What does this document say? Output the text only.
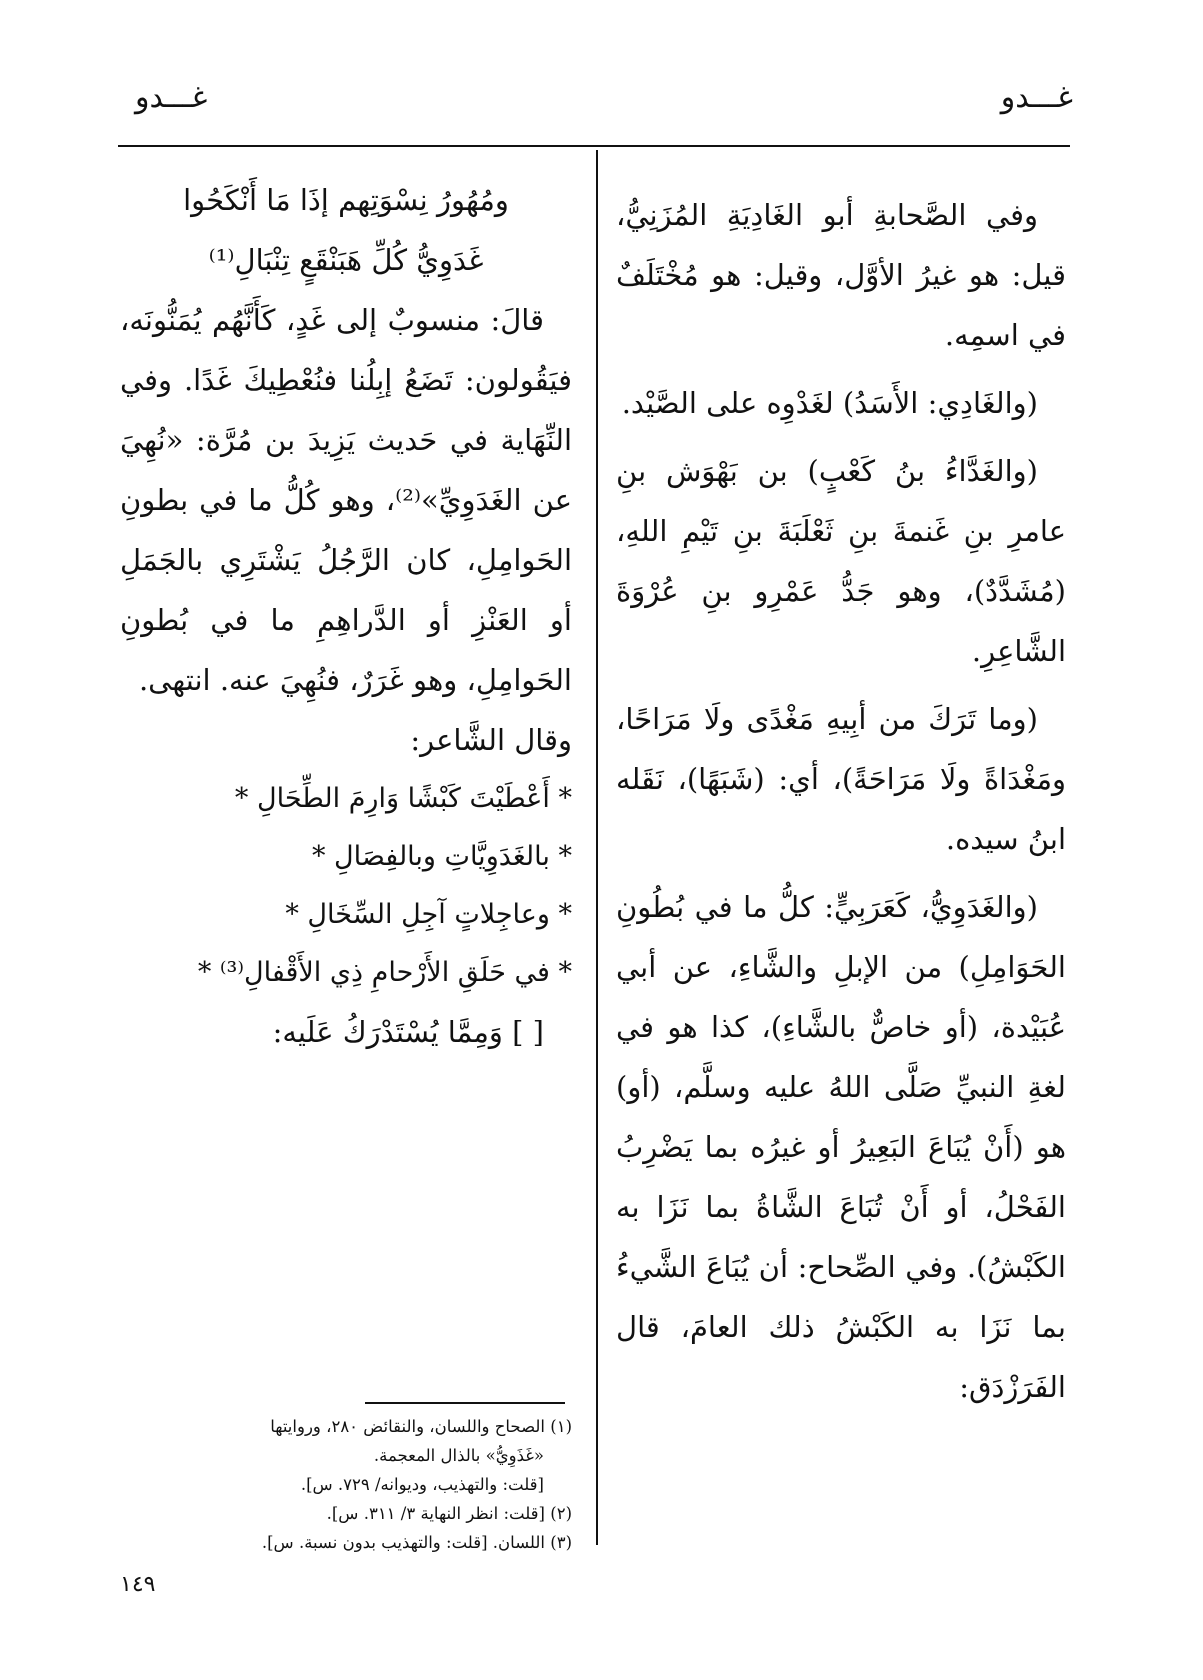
غـــدو
غـــدو

وفي الصَّحابةِ أبو الغَادِيَةِ المُزَنِيُّ، قيل: هو غيرُ الأوَّل، وقيل: هو مُخْتَلَفٌ في اسمِه.

(والغَادِي: الأَسَدُ) لغَدْوِه على الصَّيْد.

(والغَدَّاءُ بنُ كَعْبٍ) بن بَهْوَش بنِ عامرِ بنِ غَنمةَ بنِ ثَعْلَبَةَ بنِ تَيْمِ اللهِ، (مُشَدَّدٌ)، وهو جَدُّ عَمْرِو بنِ عُرْوَةَ الشَّاعِرِ.

(وما تَرَكَ من أبِيهِ مَغْدًى ولَا مَرَاحًا، ومَغْدَاةً ولَا مَرَاحَةً)، أي: (شَبَهًا)، نَقَله ابنُ سيده.

(والغَدَوِيُّ، كَعَرَبِيٍّ: كلُّ ما في بُطُونِ الحَوَامِلِ) من الإبلِ والشَّاءِ، عن أبي عُبَيْدة، (أو خاصٌّ بالشَّاءِ)، كذا هو في لغةِ النبيِّ صَلَّى اللهُ عليه وسلَّم، (أو) هو (أَنْ يُبَاعَ البَعِيرُ أو غيرُه بما يَضْرِبُ الفَحْلُ، أو أَنْ تُبَاعَ الشَّاةُ بما نَزَا به الكَبْشُ). وفي الصِّحاح: أن يُبَاعَ الشَّيءُ بما نَزَا به الكَبْشُ ذلك العامَ، قال الفَرَزْدَق:

ومُهُورُ نِسْوَتِهم إذَا مَا أَنْكَحُوا

غَدَوِيُّ كُلِّ هَبَنْقَعٍ تِنْبَالِ⁽¹⁾

قالَ: منسوبٌ إلى غَدٍ، كَأَنَّهُم يُمَنُّونَه، فيَقُولون: تَضَعُ إبِلُنا فنُعْطِيكَ غَدًا. وفي النِّهَاية في حَديث يَزِيدَ بن مُرَّة: «نُهِيَ عن الغَدَوِيِّ»⁽²⁾، وهو كُلُّ ما في بطونِ الحَوامِلِ، كان الرَّجُلُ يَشْتَرِي بالجَمَلِ أو العَنْزِ أو الدَّراهِمِ ما في بُطونِ الحَوامِلِ، وهو غَرَرٌ، فنُهِيَ عنه. انتهى.

وقال الشَّاعر:

* أَعْطَيْتَ كَبْشًا وَارِمَ الطِّحَالِ *

* بالغَدَوِيَّاتِ وبالفِصَالِ *

* وعاجِلاتٍ آجِلِ السِّخَالِ *

* في حَلَقِ الأَرْحامِ ذِي الأَقْفالِ⁽³⁾ *

[ ] وَمِمَّا يُسْتَدْرَكُ عَلَيه:

(١) الصحاح واللسان، والنقائض ٢٨٠، وروايتها
«غَذَوِيُّ» بالذال المعجمة.
[قلت: والتهذيب، وديوانه/ ٧٢٩. س].
(٢) [قلت: انظر النهاية ٣/ ٣١١. س].
(٣) اللسان. [قلت: والتهذيب بدون نسبة. س].
١٤٩
